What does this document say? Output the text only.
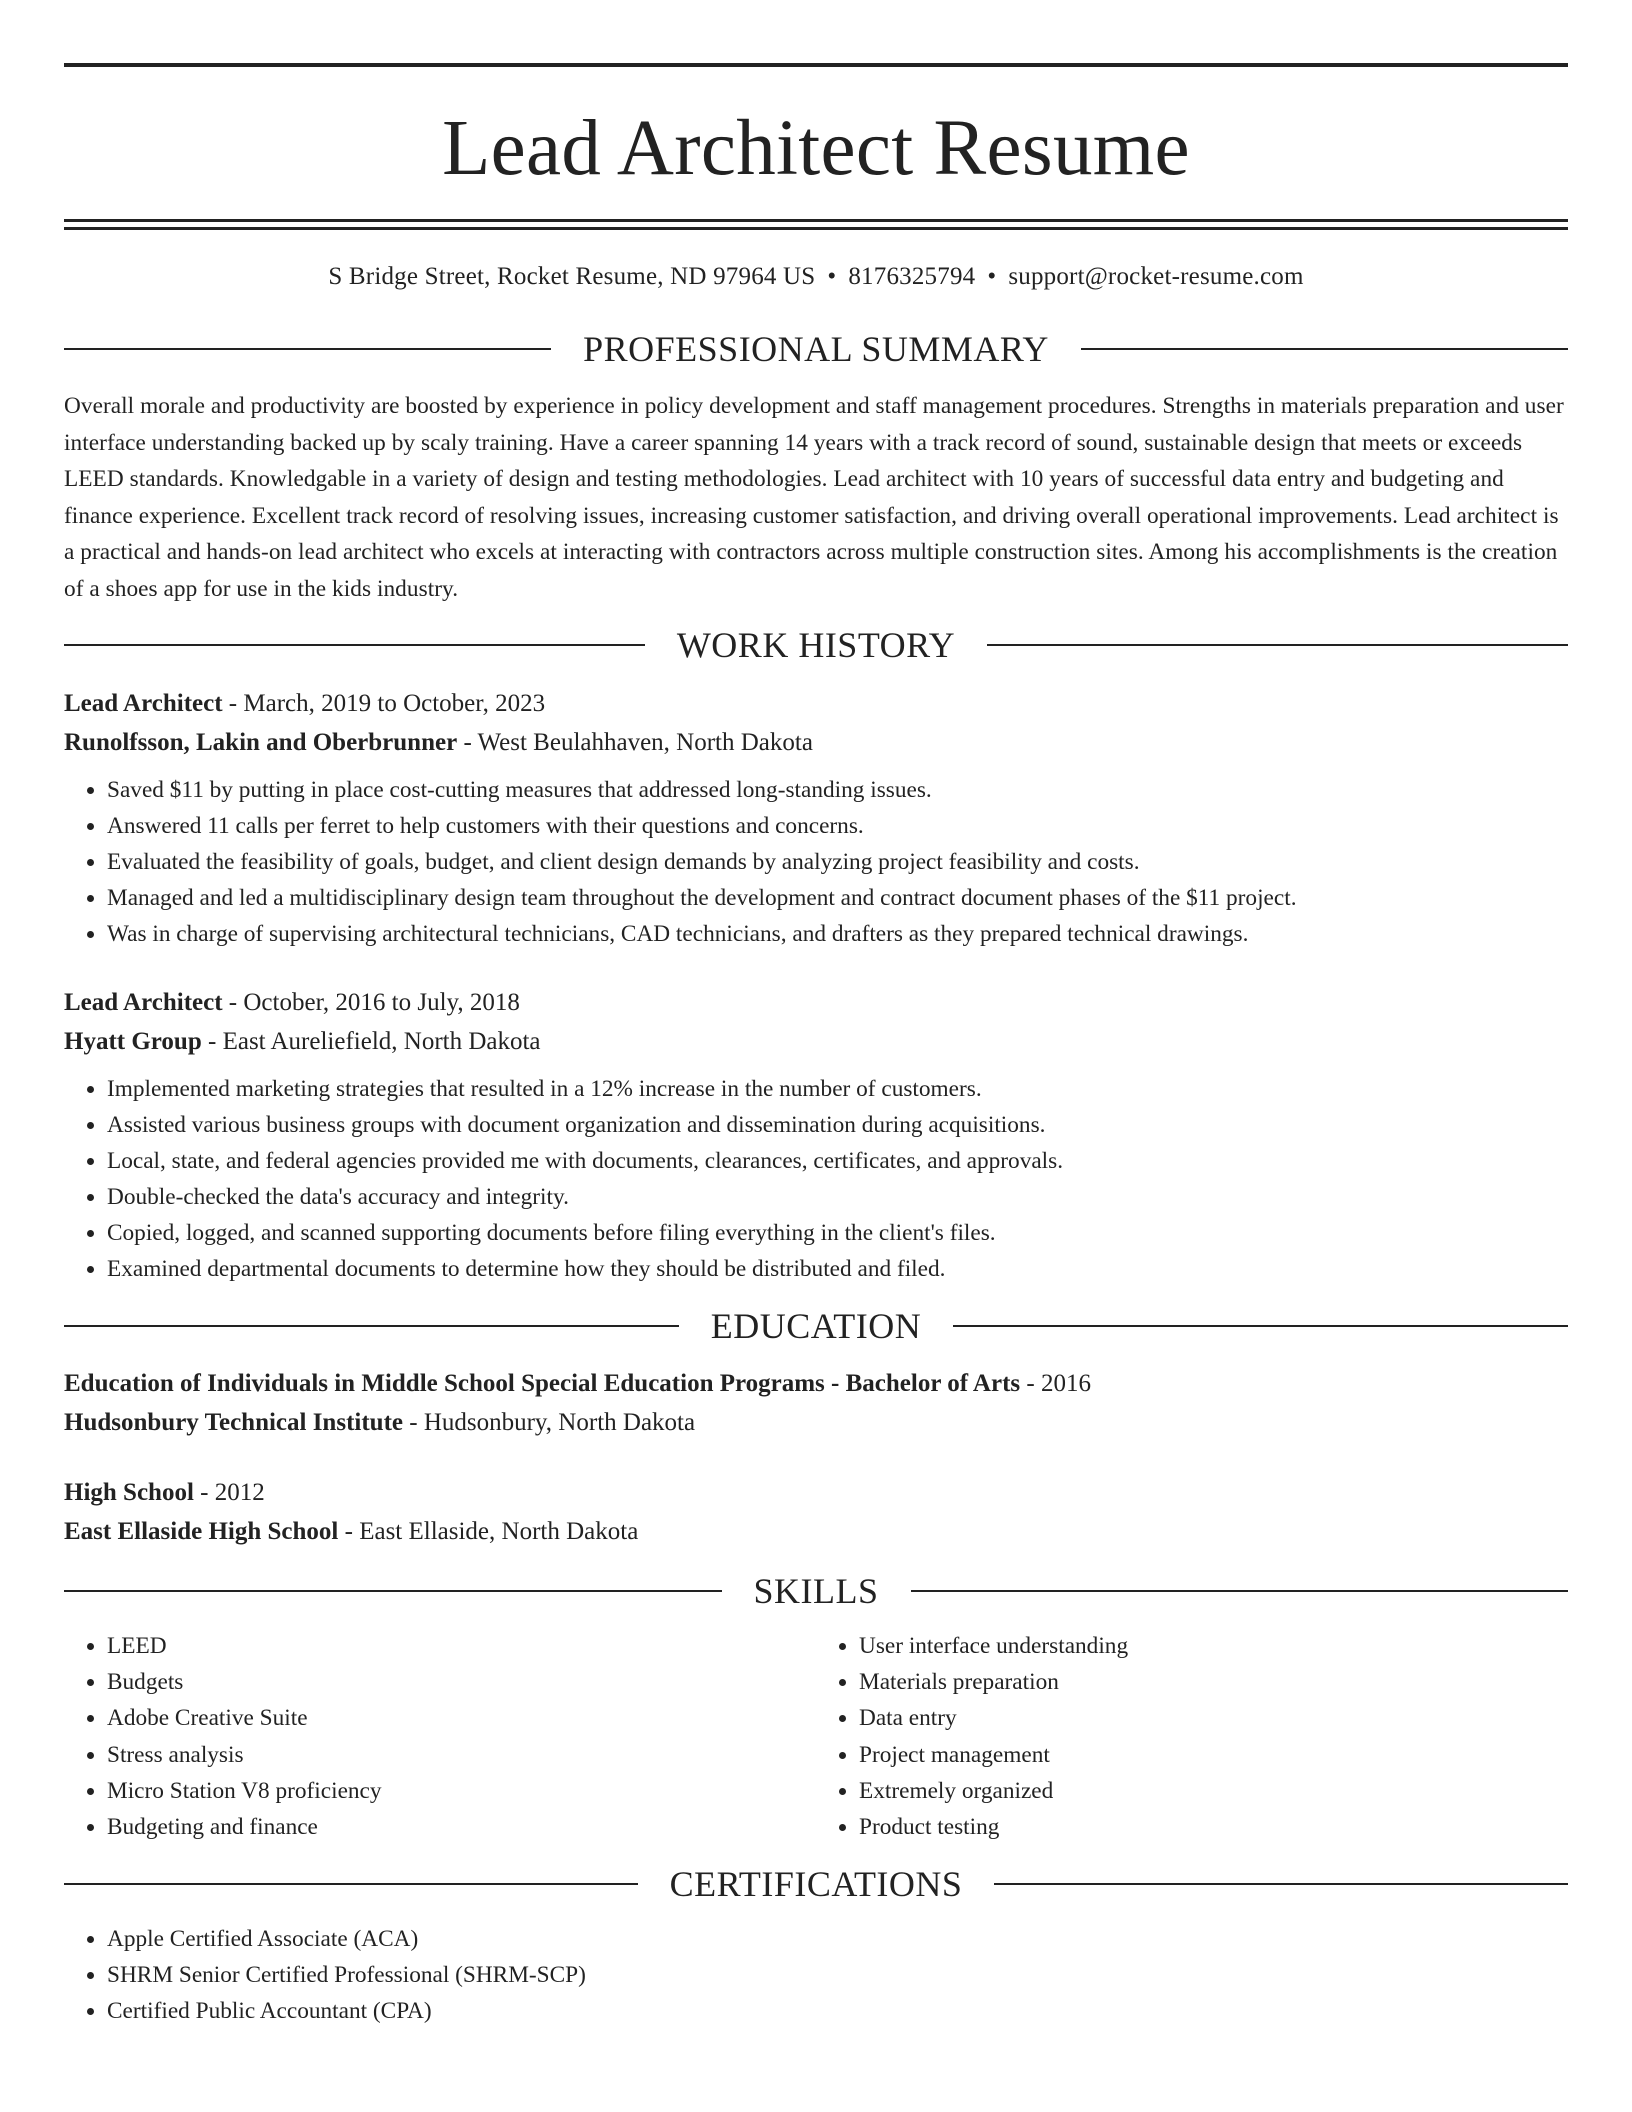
Lead Architect Resume
S Bridge Street, Rocket Resume, ND 97964 US • 8176325794 • support@rocket-resume.com
PROFESSIONAL SUMMARY

Overall morale and productivity are boosted by experience in policy development and staff management procedures. Strengths in materials preparation and user interface understanding backed up by scaly training. Have a career spanning 14 years with a track record of sound, sustainable design that meets or exceeds LEED standards. Knowledgable in a variety of design and testing methodologies. Lead architect with 10 years of successful data entry and budgeting and finance experience. Excellent track record of resolving issues, increasing customer satisfaction, and driving overall operational improvements. Lead architect is a practical and hands-on lead architect who excels at interacting with contractors across multiple construction sites. Among his accomplishments is the creation of a shoes app for use in the kids industry.

WORK HISTORY

Lead Architect - March, 2019 to October, 2023

Runolfsson, Lakin and Oberbrunner - West Beulahhaven, North Dakota

• Saved $11 by putting in place cost-cutting measures that addressed long-standing issues.
• Answered 11 calls per ferret to help customers with their questions and concerns.
• Evaluated the feasibility of goals, budget, and client design demands by analyzing project feasibility and costs.
• Managed and led a multidisciplinary design team throughout the development and contract document phases of the $11 project.
• Was in charge of supervising architectural technicians, CAD technicians, and drafters as they prepared technical drawings.

Lead Architect - October, 2016 to July, 2018

Hyatt Group - East Aureliefield, North Dakota

• Implemented marketing strategies that resulted in a 12% increase in the number of customers.
• Assisted various business groups with document organization and dissemination during acquisitions.
• Local, state, and federal agencies provided me with documents, clearances, certificates, and approvals.
• Double-checked the data's accuracy and integrity.
• Copied, logged, and scanned supporting documents before filing everything in the client's files.
• Examined departmental documents to determine how they should be distributed and filed.
EDUCATION

Education of Individuals in Middle School Special Education Programs - Bachelor of Arts - 2016

Hudsonbury Technical Institute - Hudsonbury, North Dakota

High School - 2012

East Ellaside High School - East Ellaside, North Dakota

SKILLS
• LEED
• Budgets
• Adobe Creative Suite
• Stress analysis
• Micro Station V8 proficiency
• Budgeting and finance
• User interface understanding
• Materials preparation
• Data entry
• Project management
• Extremely organized
• Product testing
CERTIFICATIONS
• Apple Certified Associate (ACA)
• SHRM Senior Certified Professional (SHRM-SCP)
• Certified Public Accountant (CPA)
